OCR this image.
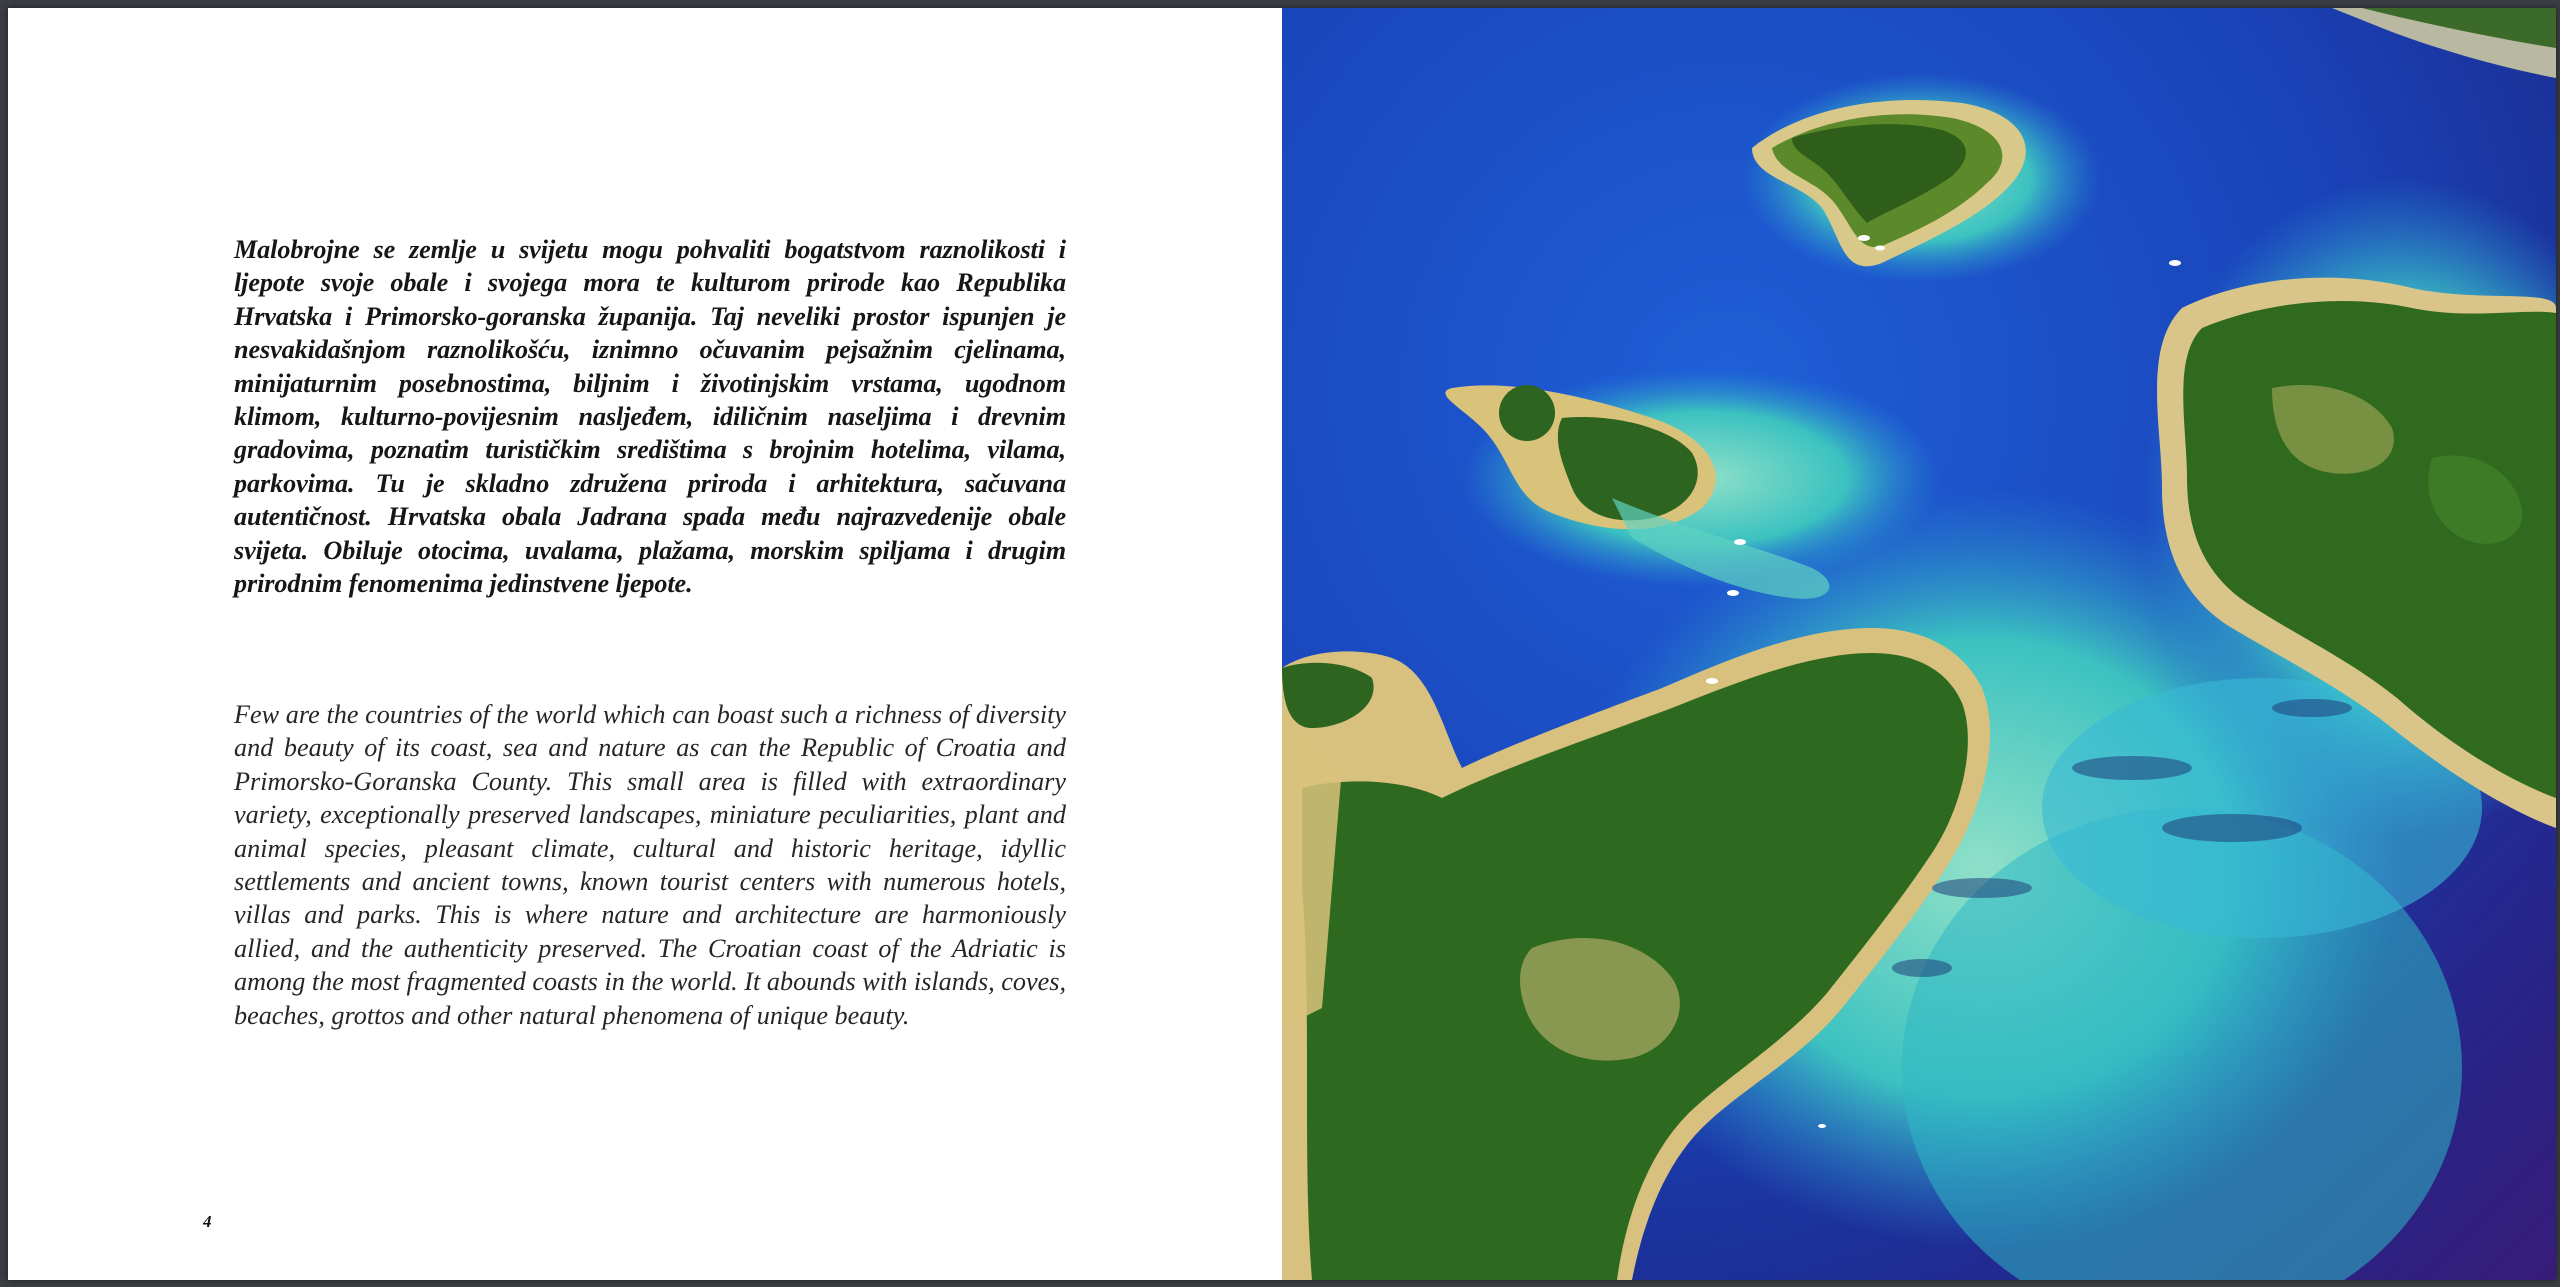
Malobrojne se zemlje u svijetu mogu pohvaliti bogatstvom raznolikosti i ljepote svoje obale i svojega mora te kulturom prirode kao Republika Hrvatska i Primorsko-goranska županija. Taj neveliki prostor ispunjen je nesvakidašnjom raznolikošću, iznimno očuvanim pejsažnim cjelinama, minijaturnim posebnostima, biljnim i životinjskim vrstama, ugodnom klimom, kulturno-povijesnim nasljeđem, idiličnim naseljima i drevnim gradovima, poznatim turističkim središtima s brojnim hotelima, vilama, parkovima. Tu je skladno združena priroda i arhitektura, sačuvana autentičnost. Hrvatska obala Jadrana spada među najrazvedenije obale svijeta. Obiluje otocima, uvalama, plažama, morskim spiljama i drugim prirodnim fenomenima jedinstvene ljepote.
Few are the countries of the world which can boast such a richness of diversity and beauty of its coast, sea and nature as can the Republic of Croatia and Primorsko-Goranska County. This small area is filled with extraordinary variety, exceptionally preserved landscapes, miniature peculiarities, plant and animal species, pleasant climate, cultural and historic heritage, idyllic settlements and ancient towns, known tourist centers with numerous hotels, villas and parks. This is where nature and architecture are harmoniously allied, and the authenticity preserved. The Croatian coast of the Adriatic is among the most fragmented coasts in the world. It abounds with islands, coves, beaches, grottos and other natural phenomena of unique beauty.
4
